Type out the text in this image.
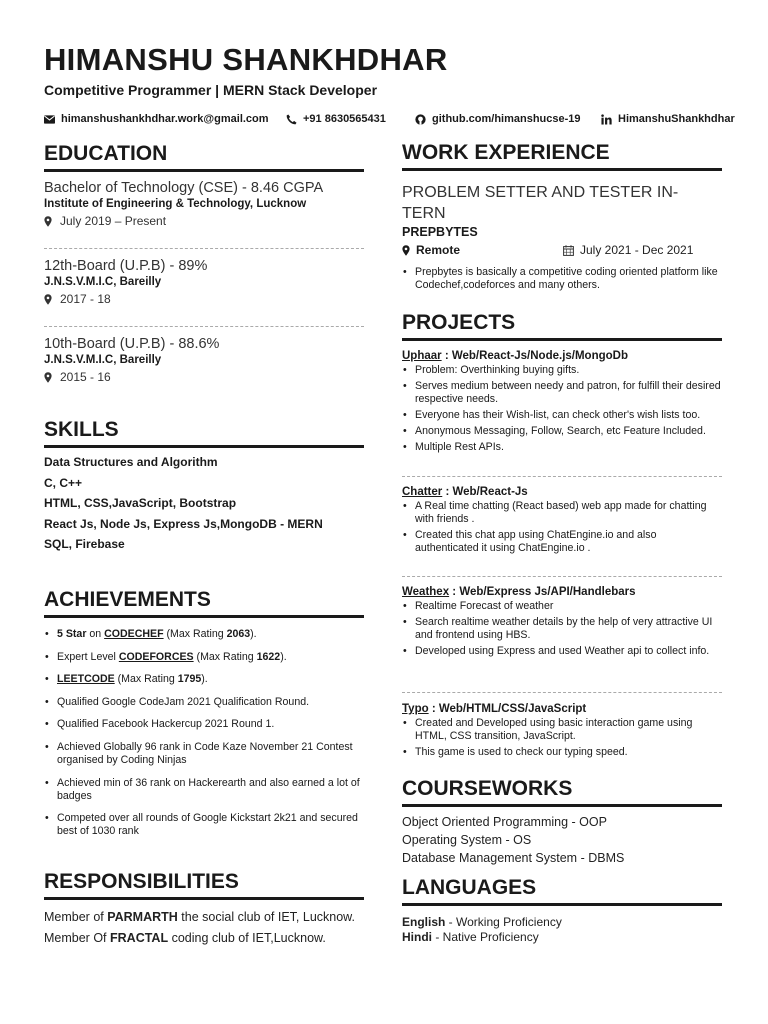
HIMANSHU SHANKHDHAR
Competitive Programmer | MERN Stack Developer
himanshushankhdhar.work@gmail.com	+91 8630565431	github.com/himanshucse-19	HimanshuShankhdhar
EDUCATION
Bachelor of Technology (CSE) - 8.46 CGPA
Institute of Engineering & Technology, Lucknow
July 2019 – Present
12th-Board (U.P.B) - 89%
J.N.S.V.M.I.C, Bareilly
2017 - 18
10th-Board (U.P.B) - 88.6%
J.N.S.V.M.I.C, Bareilly
2015 - 16
SKILLS
Data Structures and Algorithm
C, C++
HTML, CSS,JavaScript, Bootstrap
React Js, Node Js, Express Js,MongoDB - MERN
SQL, Firebase
ACHIEVEMENTS
• 5 Star on CODECHEF (Max Rating 2063).
• Expert Level CODEFORCES (Max Rating 1622).
• LEETCODE (Max Rating 1795).
• Qualified Google CodeJam 2021 Qualification Round.
• Qualified Facebook Hackercup 2021 Round 1.
• Achieved Globally 96 rank in Code Kaze November 21 Contest organised by Coding Ninjas
• Achieved min of 36 rank on Hackerearth and also earned a lot of badges
• Competed over all rounds of Google Kickstart 2k21 and secured best of 1030 rank
RESPONSIBILITIES
Member of PARMARTH the social club of IET, Lucknow.
Member Of FRACTAL coding club of IET,Lucknow.
WORK EXPERIENCE
PROBLEM SETTER AND TESTER IN-
TERN
PREPBYTES
Remote	July 2021 - Dec 2021
• Prepbytes is basically a competitive coding oriented platform like Codechef,codeforces and many others.
PROJECTS
Uphaar : Web/React-Js/Node.js/MongoDb
• Problem: Overthinking buying gifts.
• Serves medium between needy and patron, for fulfill their desired respective needs.
• Everyone has their Wish-list, can check other's wish lists too.
• Anonymous Messaging, Follow, Search, etc Feature Included.
• Multiple Rest APIs.
Chatter : Web/React-Js
• A Real time chatting (React based) web app made for chatting with friends .
• Created this chat app using ChatEngine.io and also authenticated it using ChatEngine.io .
Weathex : Web/Express Js/API/Handlebars
• Realtime Forecast of weather
• Search realtime weather details by the help of very attractive UI and frontend using HBS.
• Developed using Express and used Weather api to collect info.
Typo : Web/HTML/CSS/JavaScript
• Created and Developed using basic interaction game using HTML, CSS transition, JavaScript.
• This game is used to check our typing speed.
COURSEWORKS
Object Oriented Programming - OOP
Operating System - OS
Database Management System - DBMS
LANGUAGES
English - Working Proficiency
Hindi - Native Proficiency
